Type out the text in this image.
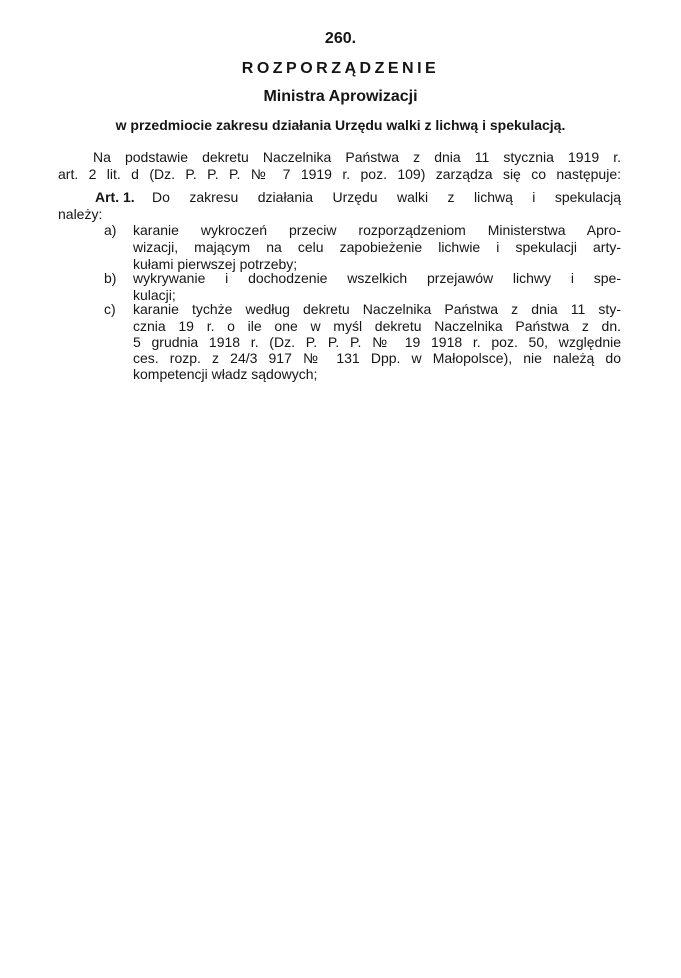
260.
ROZPORZĄDZENIE
Ministra Aprowizacji
w przedmiocie zakresu działania Urzędu walki z lichwą i spekulacją.
Na podstawie dekretu Naczelnika Państwa z dnia 11 stycznia 1919 r.
art. 2 lit. d (Dz. P. P. P. № 7 1919 r. poz. 109) zarządza się co następuje:
Art. 1. Do zakresu działania Urzędu walki z lichwą i spekulacją
należy:
a) karanie wykroczeń przeciw rozporządzeniom Ministerstwa Apro-
wizacji, mającym na celu zapobieżenie lichwie i spekulacji arty-
kułami pierwszej potrzeby;
b) wykrywanie i dochodzenie wszelkich przejawów lichwy i spe-
kulacji;
c) karanie tychże według dekretu Naczelnika Państwa z dnia 11 sty-
cznia 19 r. o ile one w myśl dekretu Naczelnika Państwa z dn.
5 grudnia 1918 r. (Dz. P. P. P. № 19 1918 r. poz. 50, względnie
ces. rozp. z 24/3 917 № 131 Dpp. w Małopolsce), nie należą do
kompetencji władz sądowych;
